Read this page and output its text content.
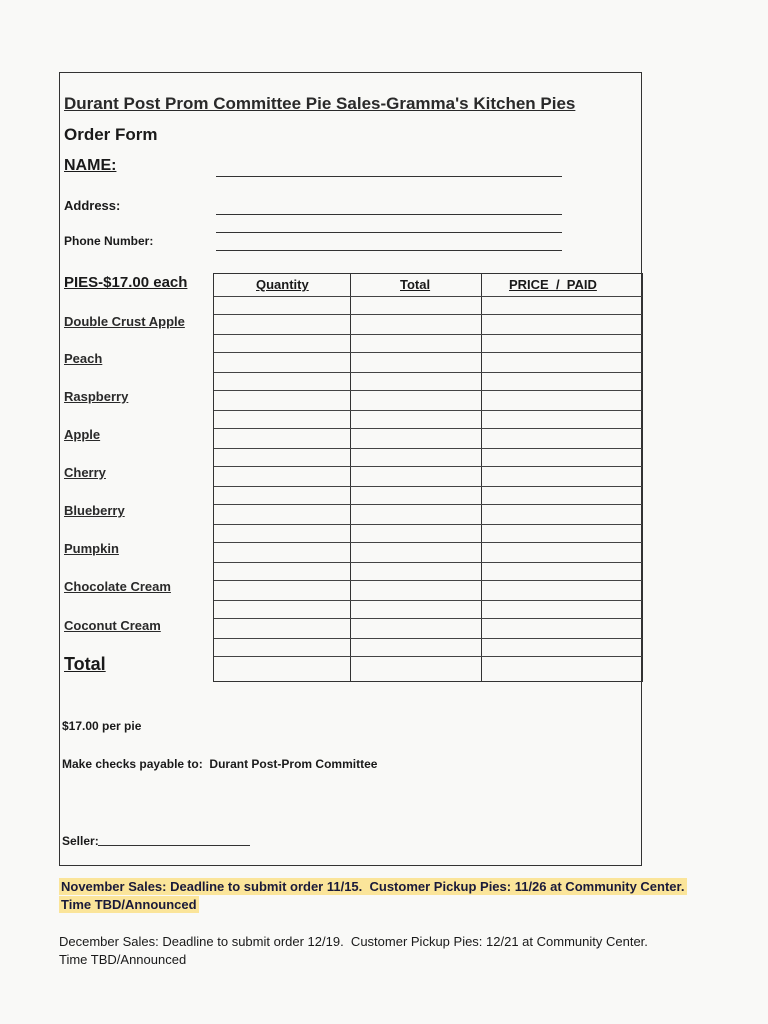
Durant Post Prom Committee Pie Sales-Gramma's Kitchen Pies
Order Form
NAME:
Address:
Phone Number:
PIES-$17.00 each	Quantity	Total	PRICE  /  PAID
Double Crust Apple
Peach
Raspberry
Apple
Cherry
Blueberry
Pumpkin
Chocolate Cream
Coconut Cream
Total
$17.00 per pie
Make checks payable to:  Durant Post-Prom Committee
Seller:
November Sales: Deadline to submit order 11/15.  Customer Pickup Pies: 11/26 at Community Center.
Time TBD/Announced
December Sales: Deadline to submit order 12/19.  Customer Pickup Pies: 12/21 at Community Center.
Time TBD/Announced
